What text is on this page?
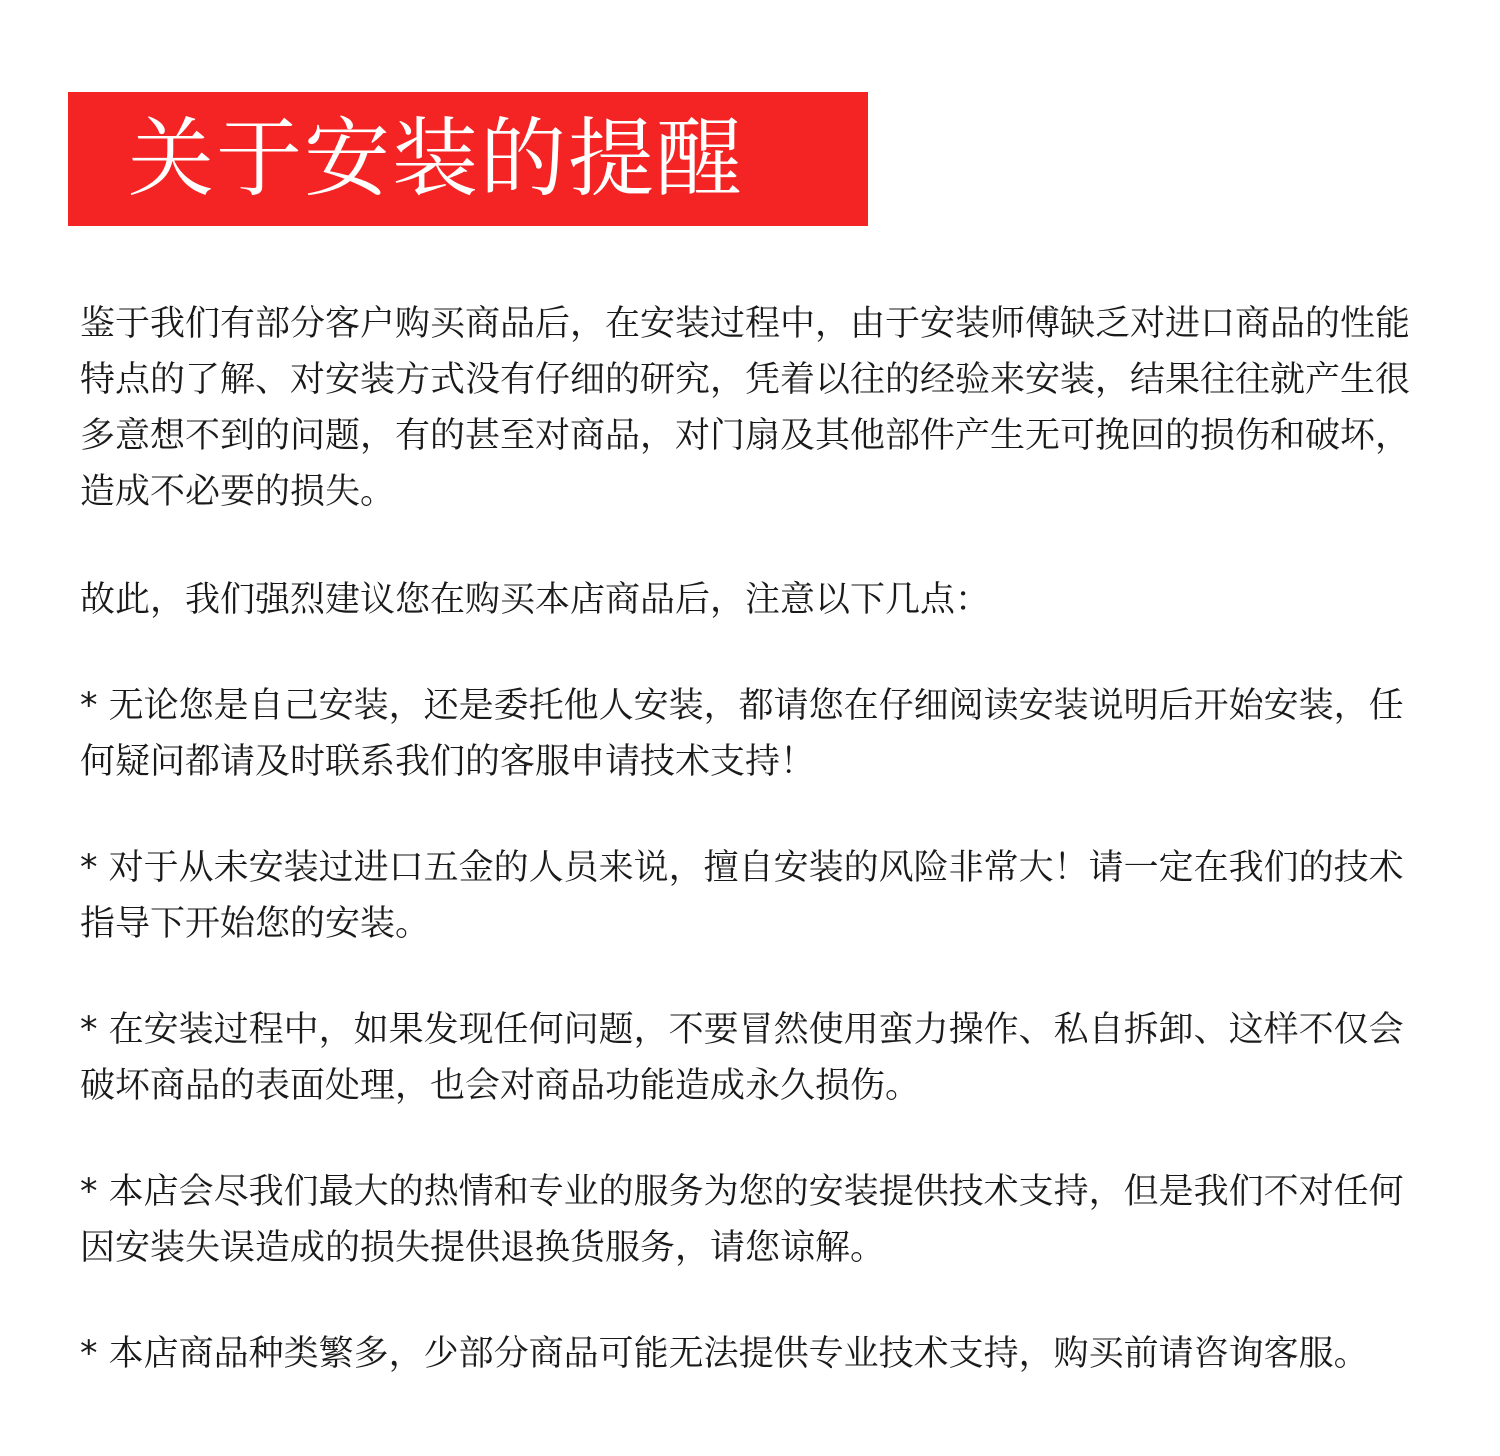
关于安装的提醒

鉴于我们有部分客户购买商品后，在安装过程中，由于安装师傅缺乏对进口商品的性能特点的了解、对安装方式没有仔细的研究，凭着以往的经验来安装，结果往往就产生很多意想不到的问题，有的甚至对商品，对门扇及其他部件产生无可挽回的损伤和破坏，造成不必要的损失。

故此，我们强烈建议您在购买本店商品后，注意以下几点：

* 无论您是自己安装，还是委托他人安装，都请您在仔细阅读安装说明后开始安装，任何疑问都请及时联系我们的客服申请技术支持！

* 对于从未安装过进口五金的人员来说，擅自安装的风险非常大！请一定在我们的技术指导下开始您的安装。

* 在安装过程中，如果发现任何问题，不要冒然使用蛮力操作、私自拆卸、这样不仅会破坏商品的表面处理，也会对商品功能造成永久损伤。

* 本店会尽我们最大的热情和专业的服务为您的安装提供技术支持，但是我们不对任何因安装失误造成的损失提供退换货服务，请您谅解。

* 本店商品种类繁多，少部分商品可能无法提供专业技术支持，购买前请咨询客服。
